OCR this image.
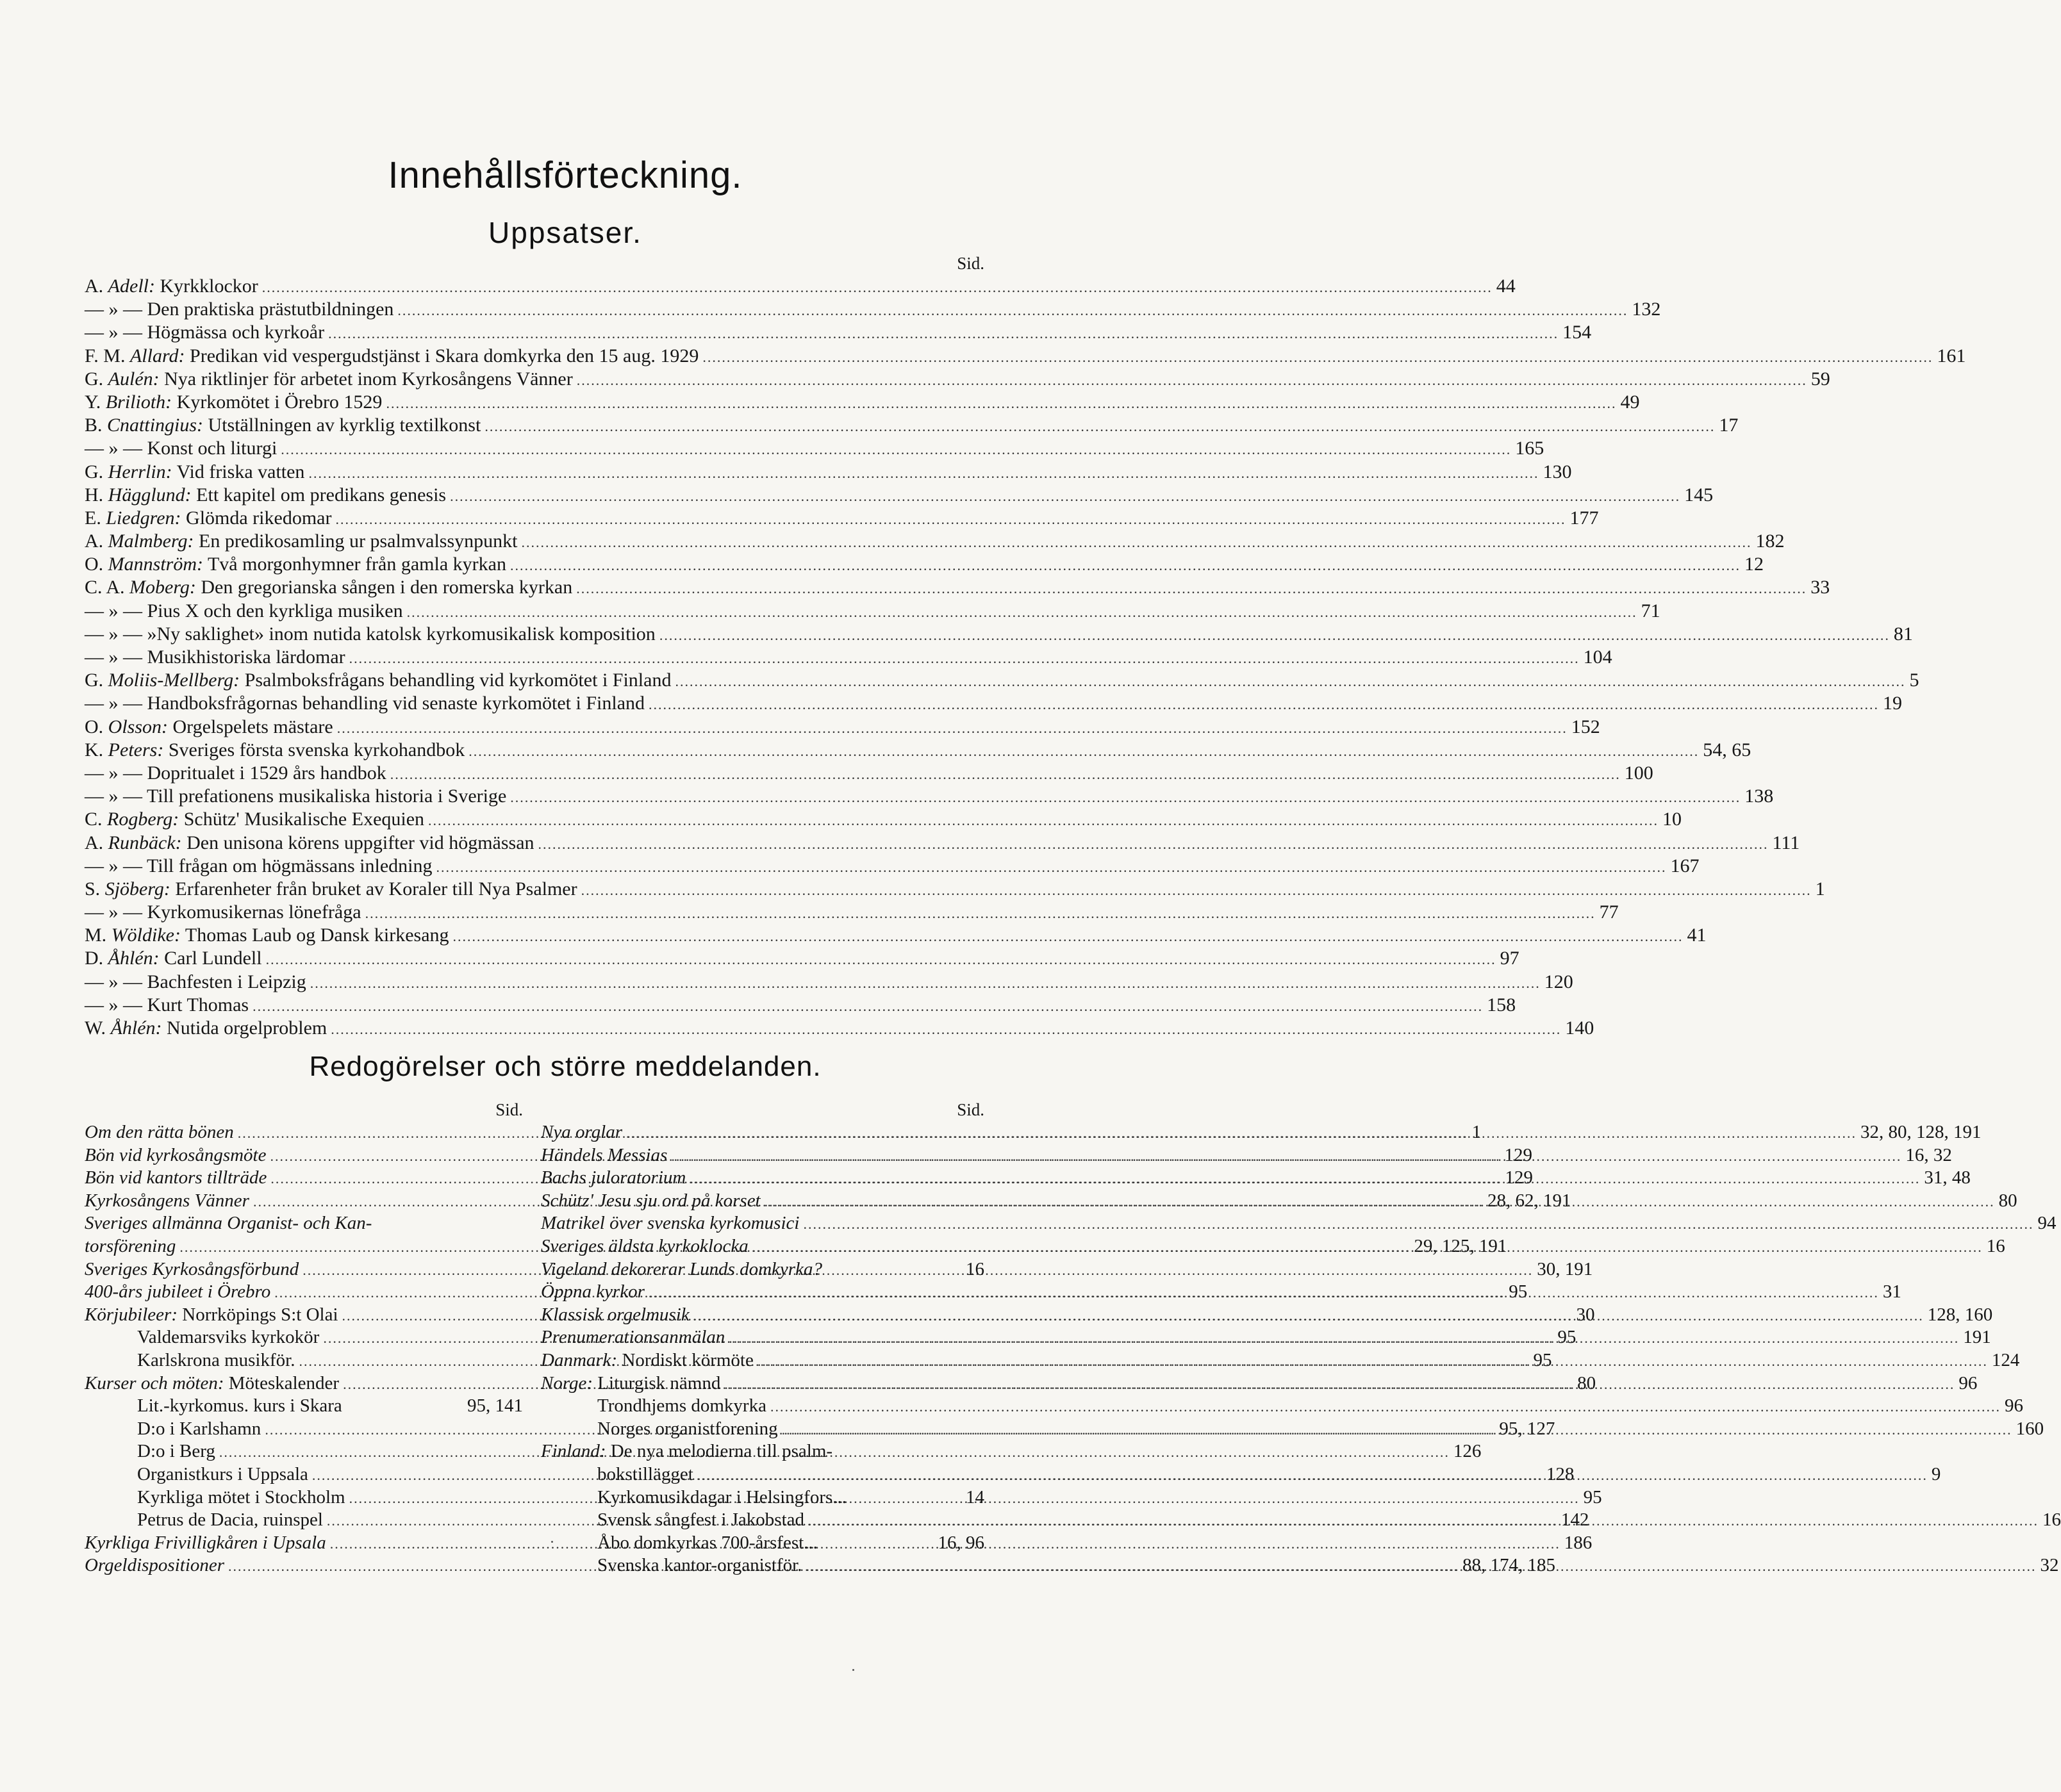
Innehållsförteckning.
Uppsatser.
Sid.
A. Adell: Kyrkklockor .....	44
— » — Den praktiska prästutbildningen .....	132
— » — Högmässa och kyrkoår .....	154
F. M. Allard: Predikan vid vespergudstjänst i Skara domkyrka den 15 aug. 1929 .....	161
G. Aulén: Nya riktlinjer för arbetet inom Kyrkosångens Vänner .....	59
Y. Brilioth: Kyrkomötet i Örebro 1529 .....	49
B. Cnattingius: Utställningen av kyrklig textilkonst .....	17
— » — Konst och liturgi .....	165
G. Herrlin: Vid friska vatten .....	130
H. Hägglund: Ett kapitel om predikans genesis .....	145
E. Liedgren: Glömda rikedomar .....	177
A. Malmberg: En predikosamling ur psalmvalssynpunkt .....	182
O. Mannström: Två morgonhymner från gamla kyrkan .....	12
C. A. Moberg: Den gregorianska sången i den romerska kyrkan .....	33
— » — Pius X och den kyrkliga musiken .....	71
— » — »Ny saklighet» inom nutida katolsk kyrkomusikalisk komposition .....	81
— » — Musikhistoriska lärdomar .....	104
G. Moliis-Mellberg: Psalmboksfrågans behandling vid kyrkomötet i Finland .....	5
— » — Handboksfrågornas behandling vid senaste kyrkomötet i Finland .....	19
O. Olsson: Orgelspelets mästare .....	152
K. Peters: Sveriges första svenska kyrkohandbok .....	54, 65
— » — Dopritualet i 1529 års handbok .....	100
— » — Till prefationens musikaliska historia i Sverige .....	138
C. Rogberg: Schütz' Musikalische Exequien .....	10
A. Runbäck: Den unisona körens uppgifter vid högmässan .....	111
— » — Till frågan om högmässans inledning .....	167
S. Sjöberg: Erfarenheter från bruket av Koraler till Nya Psalmer .....	1
— » — Kyrkomusikernas lönefråga .....	77
M. Wöldike: Thomas Laub og Dansk kirkesang .....	41
D. Åhlén: Carl Lundell .....	97
— » — Bachfesten i Leipzig .....	120
— » — Kurt Thomas .....	158
W. Åhlén: Nutida orgelproblem .....	140
Redogörelser och större meddelanden.
Sid.
Om den rätta bönen .....	1
Bön vid kyrkosångsmöte .....	129
Bön vid kantors tillträde .....	129
Kyrkosångens Vänner .....	28, 62, 191
Sveriges allmänna Organist- och Kan-
torsförening .....	29, 125, 191
Sveriges Kyrkosångsförbund .....	30, 191
400-års jubileet i Örebro .....	95
Körjubileer: Norrköpings S:t Olai .....	30
Valdemarsviks kyrkokör .....	95
Karlskrona musikför. .....	95
Kurser och möten: Möteskalender .....	80
Lit.-kyrkomus. kurs i Skara	95, 141
D:o i Karlshamn .....	95, 127
D:o i Berg .....	126
Organistkurs i Uppsala .....	128
Kyrkliga mötet i Stockholm .....	95
Petrus de Dacia, ruinspel .....	142
Kyrkliga Frivilligkåren i Upsala .....	186
Orgeldispositioner .....	88, 174, 185
Sid.
Nya orglar .....	32, 80, 128, 191
Händels Messias .....	16, 32
Bachs juloratorium .....	31, 48
Schütz' Jesu sju ord på korset .....	80
Matrikel över svenska kyrkomusici .....	94
Sveriges äldsta kyrkoklocka .....	16
Vigeland dekorerar Lunds domkyrka?	16
Öppna kyrkor .....	31
Klassisk orgelmusik .....	128, 160
Prenumerationsanmälan .....	191
Danmark: Nordiskt körmöte .....	124
Norge: Liturgisk nämnd .....	96
Trondhjems domkyrka .....	96
Norges organistforening .....	160
Finland: De nya melodierna till psalm-
bokstillägget .....	9
Kyrkomusikdagar i Helsingfors...	14
Svensk sångfest i Jakobstad .....	16
Åbo domkyrkas 700-årsfest...	16, 96
Svenska kantor-organistför. .....	32
